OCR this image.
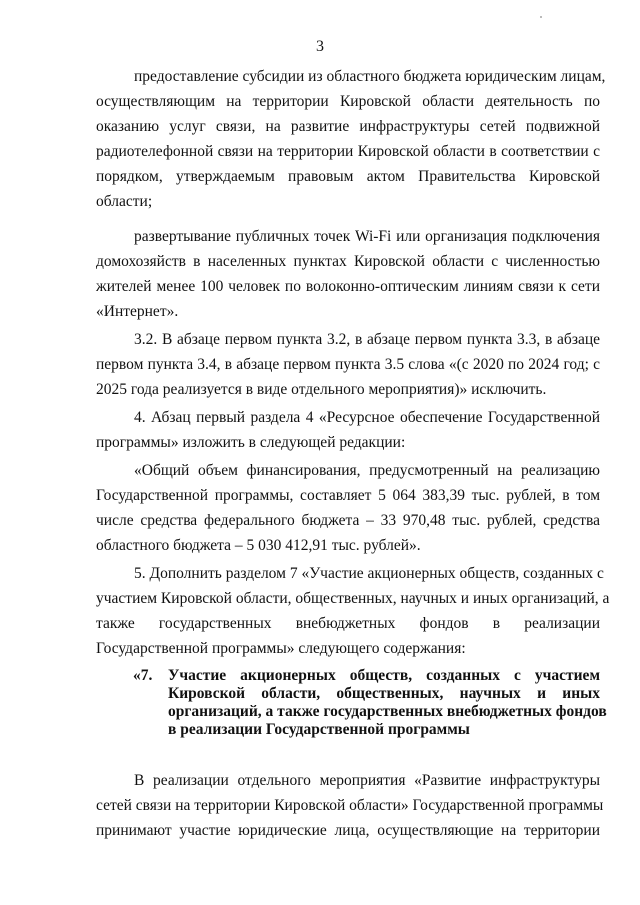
3
предоставление субсидии из областного бюджета юридическим лицам,
осуществляющим на территории Кировской области деятельность по
оказанию услуг связи, на развитие инфраструктуры сетей подвижной
радиотелефонной связи на территории Кировской области в соответствии с
порядком, утверждаемым правовым актом Правительства Кировской
области;
развертывание публичных точек Wi-Fi или организация подключения
домохозяйств в населенных пунктах Кировской области с численностью
жителей менее 100 человек по волоконно-оптическим линиям связи к сети
«Интернет».
3.2. В абзаце первом пункта 3.2, в абзаце первом пункта 3.3, в абзаце
первом пункта 3.4, в абзаце первом пункта 3.5 слова «(с 2020 по 2024 год; с
2025 года реализуется в виде отдельного мероприятия)» исключить.
4. Абзац первый раздела 4 «Ресурсное обеспечение Государственной
программы» изложить в следующей редакции:
«Общий объем финансирования, предусмотренный на реализацию
Государственной программы, составляет 5 064 383,39 тыс. рублей, в том
числе средства федерального бюджета – 33 970,48 тыс. рублей, средства
областного бюджета – 5 030 412,91 тыс. рублей».
5. Дополнить разделом 7 «Участие акционерных обществ, созданных с
участием Кировской области, общественных, научных и иных организаций, а
также государственных внебюджетных фондов в реализации
Государственной программы» следующего содержания:
«7. Участие акционерных обществ, созданных с участием
Кировской области, общественных, научных и иных
организаций, а также государственных внебюджетных фондов
в реализации Государственной программы
В реализации отдельного мероприятия «Развитие инфраструктуры
сетей связи на территории Кировской области» Государственной программы
принимают участие юридические лица, осуществляющие на территории
